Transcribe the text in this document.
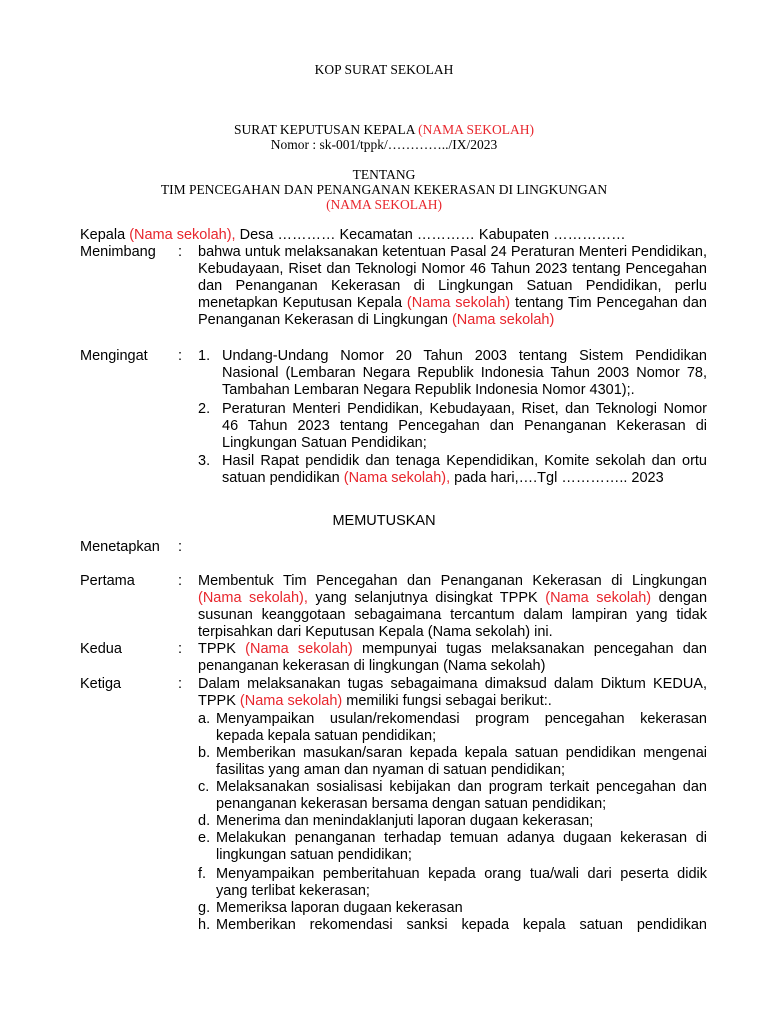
KOP SURAT SEKOLAH
SURAT KEPUTUSAN KEPALA (NAMA SEKOLAH)
Nomor : sk-001/tppk/…………../IX/2023
TENTANG
TIM PENCEGAHAN DAN PENANGANAN KEKERASAN DI LINGKUNGAN
(NAMA SEKOLAH)
Kepala (Nama sekolah), Desa ………… Kecamatan ………… Kabupaten ……………
Menimbang : bahwa untuk melaksanakan ketentuan Pasal 24 Peraturan Menteri Pendidikan, Kebudayaan, Riset dan Teknologi Nomor 46 Tahun 2023 tentang Pencegahan dan Penanganan Kekerasan di Lingkungan Satuan Pendidikan, perlu menetapkan Keputusan Kepala (Nama sekolah) tentang Tim Pencegahan dan Penanganan Kekerasan di Lingkungan (Nama sekolah)
Mengingat : 1. Undang-Undang Nomor 20 Tahun 2003 tentang Sistem Pendidikan Nasional (Lembaran Negara Republik Indonesia Tahun 2003 Nomor 78, Tambahan Lembaran Negara Republik Indonesia Nomor 4301);.
2. Peraturan Menteri Pendidikan, Kebudayaan, Riset, dan Teknologi Nomor 46 Tahun 2023 tentang Pencegahan dan Penanganan Kekerasan di Lingkungan Satuan Pendidikan;
3. Hasil Rapat pendidik dan tenaga Kependidikan, Komite sekolah dan ortu satuan pendidikan (Nama sekolah), pada hari,….Tgl ………….. 2023
MEMUTUSKAN
Menetapkan	:
Pertama	: Membentuk Tim Pencegahan dan Penanganan Kekerasan di Lingkungan (Nama sekolah), yang selanjutnya disingkat TPPK (Nama sekolah) dengan susunan keanggotaan sebagaimana tercantum dalam lampiran yang tidak terpisahkan dari Keputusan Kepala (Nama sekolah) ini.
Kedua	: TPPK (Nama sekolah) mempunyai tugas melaksanakan pencegahan dan penanganan kekerasan di lingkungan (Nama sekolah)
Ketiga	: Dalam melaksanakan tugas sebagaimana dimaksud dalam Diktum KEDUA, TPPK (Nama sekolah) memiliki fungsi sebagai berikut:.
a. Menyampaikan usulan/rekomendasi program pencegahan kekerasan kepada kepala satuan pendidikan;
b. Memberikan masukan/saran kepada kepala satuan pendidikan mengenai fasilitas yang aman dan nyaman di satuan pendidikan;
c. Melaksanakan sosialisasi kebijakan dan program terkait pencegahan dan penanganan kekerasan bersama dengan satuan pendidikan;
d. Menerima dan menindaklanjuti laporan dugaan kekerasan;
e. Melakukan penanganan terhadap temuan adanya dugaan kekerasan di lingkungan satuan pendidikan;
f. Menyampaikan pemberitahuan kepada orang tua/wali dari peserta didik yang terlibat kekerasan;
g. Memeriksa laporan dugaan kekerasan
h. Memberikan rekomendasi sanksi kepada kepala satuan pendidikan
